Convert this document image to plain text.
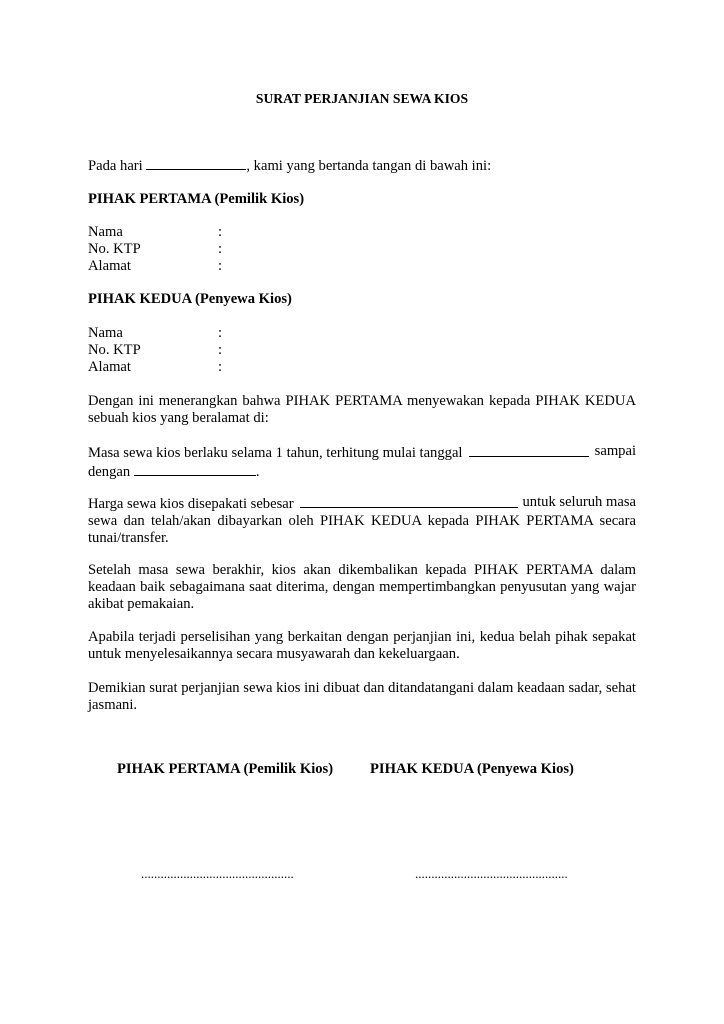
SURAT PERJANJIAN SEWA KIOS
Pada hari	, kami yang bertanda tangan di bawah ini:
PIHAK PERTAMA (Pemilik Kios)
Nama	:
No. KTP	:
Alamat	:
PIHAK KEDUA (Penyewa Kios)
Nama	:
No. KTP	:
Alamat	:
Dengan ini menerangkan bahwa PIHAK PERTAMA menyewakan kepada PIHAK KEDUA sebuah kios yang beralamat di:
Masa sewa kios berlaku selama 1 tahun, terhitung mulai tanggal	sampai
dengan	.
Harga sewa kios disepakati sebesar	untuk seluruh masa
sewa dan telah/akan dibayarkan oleh PIHAK KEDUA kepada PIHAK PERTAMA secara tunai/transfer.
Setelah masa sewa berakhir, kios akan dikembalikan kepada PIHAK PERTAMA dalam keadaan baik sebagaimana saat diterima, dengan mempertimbangkan penyusutan yang wajar akibat pemakaian.
Apabila terjadi perselisihan yang berkaitan dengan perjanjian ini, kedua belah pihak sepakat untuk menyelesaikannya secara musyawarah dan kekeluargaan.
Demikian surat perjanjian sewa kios ini dibuat dan ditandatangani dalam keadaan sadar, sehat jasmani.
PIHAK PERTAMA (Pemilik Kios)	PIHAK KEDUA (Penyewa Kios)
...............................................	...............................................
